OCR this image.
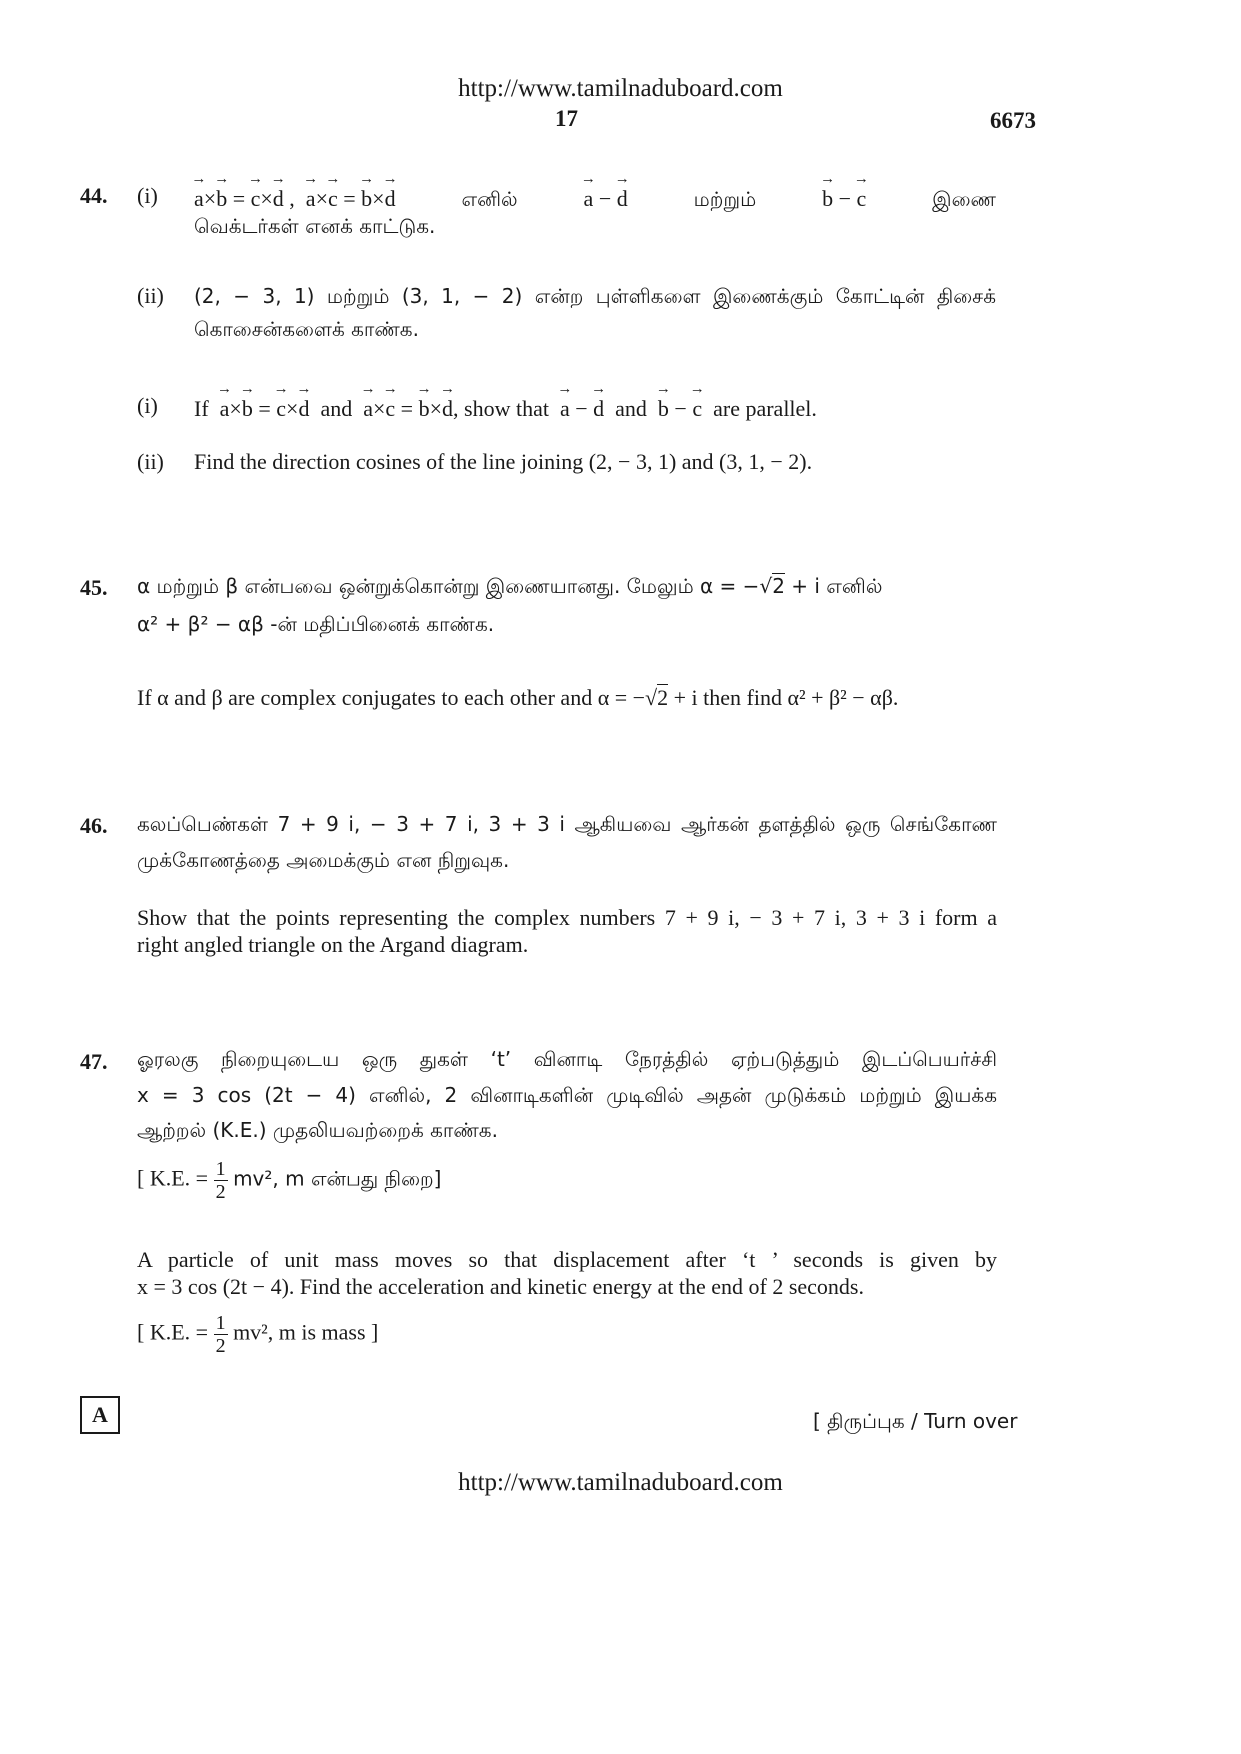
http://www.tamilnaduboard.com
17	6673
44. (i) → a×→ b = → c×→ d ,  → a×→ c = → b×→ d	எனில்	→ a − → d	மற்றும்	→ b − → c	இணை
வெக்டர்கள் எனக் காட்டுக.
(ii) (2, − 3, 1) மற்றும் (3, 1, − 2) என்ற புள்ளிகளை இணைக்கும் கோட்டின் திசைக்
கொசைன்களைக் காண்க.
(i) If → a×→ b = → c×→ d and → a×→ c = → b×→ d, show that → a − → d and → b − → c are parallel.
(ii) Find the direction cosines of the line joining (2, − 3, 1) and (3, 1, − 2).
45. α மற்றும் β என்பவை ஒன்றுக்கொன்று இணையானது. மேலும் α = −√2 + i எனில்
α² + β² − αβ -ன் மதிப்பினைக் காண்க.
If α and β are complex conjugates to each other and α = −√2 + i then find α² + β² − αβ.
46. கலப்பெண்கள் 7 + 9 i, − 3 + 7 i, 3 + 3 i ஆகியவை ஆர்கன் தளத்தில் ஒரு செங்கோண
முக்கோணத்தை அமைக்கும் என நிறுவுக.
Show that the points representing the complex numbers 7 + 9 i, − 3 + 7 i, 3 + 3 i form a
right angled triangle on the Argand diagram.
47. ஓரலகு நிறையுடைய ஒரு துகள் ‘t’ வினாடி நேரத்தில் ஏற்படுத்தும் இடப்பெயர்ச்சி
x = 3 cos (2t − 4) எனில், 2 வினாடிகளின் முடிவில் அதன் முடுக்கம் மற்றும் இயக்க
ஆற்றல் (K.E.) முதலியவற்றைக் காண்க.
[ K.E. = $\frac{1}{2} mv^2$, m என்பது நிறை]
A particle of unit mass moves so that displacement after ‘t ’ seconds is given by
x = 3 cos (2t − 4). Find the acceleration and kinetic energy at the end of 2 seconds.
[ K.E. = $\frac{1}{2} mv^2$, m is mass ]
A	[ திருப்புக / Turn over
http://www.tamilnaduboard.com
